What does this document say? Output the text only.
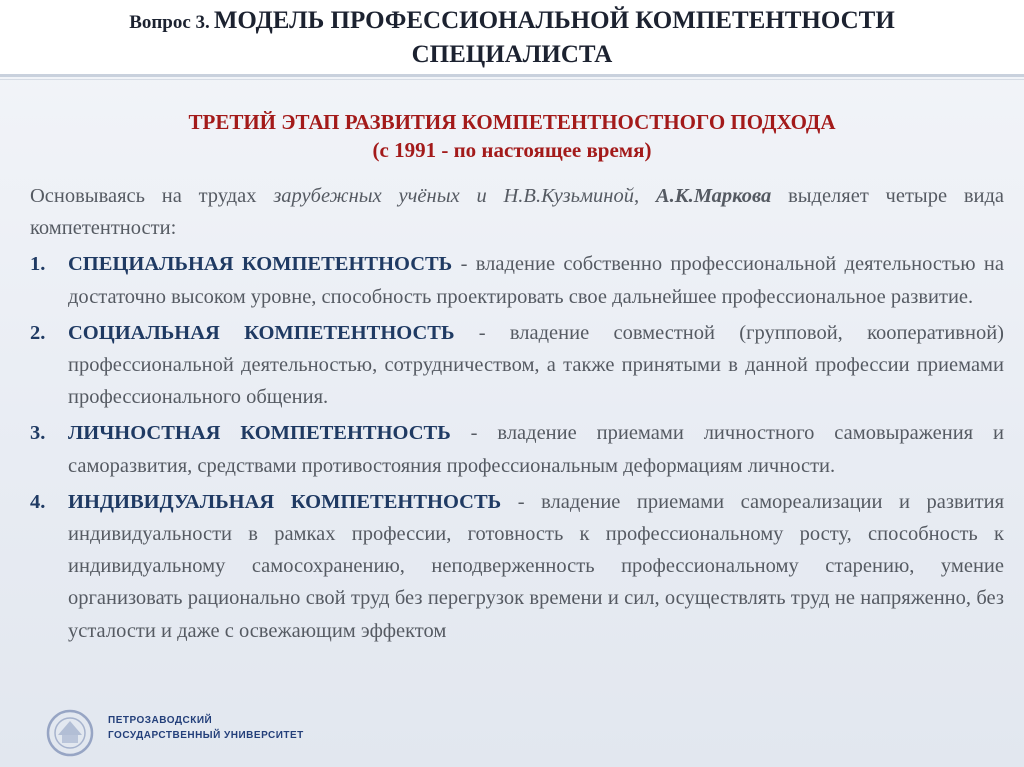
Вопрос 3. МОДЕЛЬ ПРОФЕССИОНАЛЬНОЙ КОМПЕТЕНТНОСТИ
СПЕЦИАЛИСТА
ТРЕТИЙ ЭТАП РАЗВИТИЯ КОМПЕТЕНТНОСТНОГО ПОДХОДА
(с 1991 - по настоящее время)
Основываясь на трудах зарубежных учёных и Н.В.Кузьминой, А.К.Маркова выделяет четыре вида компетентности:
1. СПЕЦИАЛЬНАЯ КОМПЕТЕНТНОСТЬ - владение собственно профессиональной деятельностью на достаточно высоком уровне, способность проектировать свое дальнейшее профессиональное развитие.
2. СОЦИАЛЬНАЯ КОМПЕТЕНТНОСТЬ - владение совместной (групповой, кооперативной) профессиональной деятельностью, сотрудничеством, а также принятыми в данной профессии приемами профессионального общения.
3. ЛИЧНОСТНАЯ КОМПЕТЕНТНОСТЬ - владение приемами личностного самовыражения и саморазвития, средствами противостояния профессиональным деформациям личности.
4. ИНДИВИДУАЛЬНАЯ КОМПЕТЕНТНОСТЬ - владение приемами самореализации и развития индивидуальности в рамках профессии, готовность к профессиональному росту, способность к индивидуальному самосохранению, неподверженность профессиональному старению, умение организовать рационально свой труд без перегрузок времени и сил, осуществлять труд не напряженно, без усталости и даже с освежающим эффектом
ПЕТРОЗАВОДСКИЙ
ГОСУДАРСТВЕННЫЙ УНИВЕРСИТЕТ
